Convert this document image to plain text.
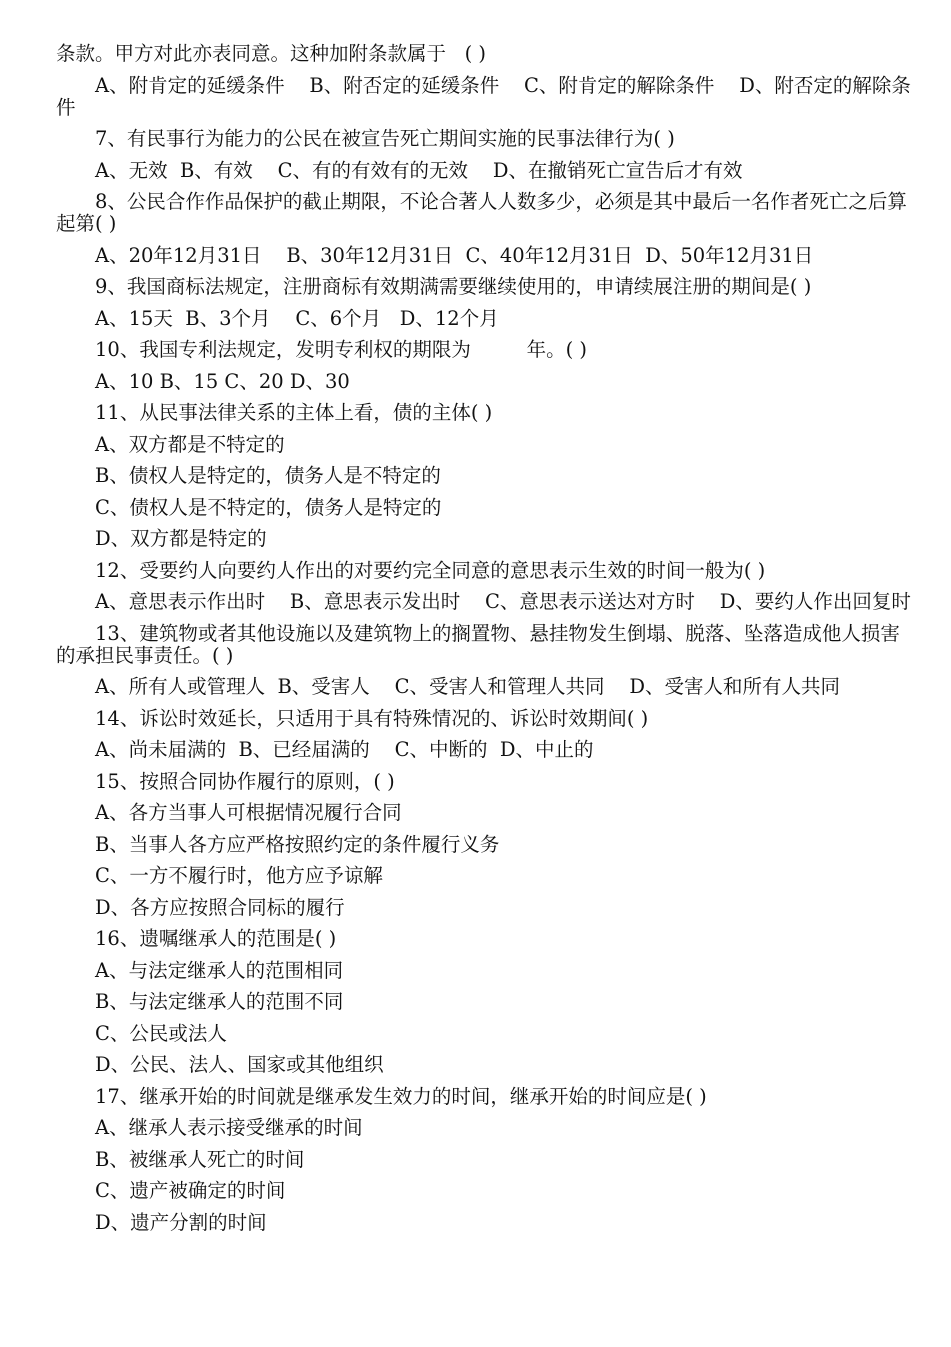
条款。甲方对此亦表同意。这种加附条款属于   ( )

A、附肯定的延缓条件    B、附否定的延缓条件    C、附肯定的解除条件    D、附否定的解除条件

7、有民事行为能力的公民在被宣告死亡期间实施的民事法律行为( )

A、无效  B、有效    C、有的有效有的无效    D、在撤销死亡宣告后才有效

8、公民合作作品保护的截止期限，不论合著人人数多少，必须是其中最后一名作者死亡之后算起第( )

A、20年12月31日    B、30年12月31日  C、40年12月31日  D、50年12月31日

9、我国商标法规定，注册商标有效期满需要继续使用的，申请续展注册的期间是( )

A、15天  B、3个月    C、6个月   D、12个月

10、我国专利法规定，发明专利权的期限为         年。( )

A、10 B、15 C、20 D、30

11、从民事法律关系的主体上看，债的主体( )

A、双方都是不特定的

B、债权人是特定的，债务人是不特定的

C、债权人是不特定的，债务人是特定的

D、双方都是特定的

12、受要约人向要约人作出的对要约完全同意的意思表示生效的时间一般为( )

A、意思表示作出时    B、意思表示发出时    C、意思表示送达对方时    D、要约人作出回复时

13、建筑物或者其他设施以及建筑物上的搁置物、悬挂物发生倒塌、脱落、坠落造成他人损害的承担民事责任。( )

A、所有人或管理人  B、受害人    C、受害人和管理人共同    D、受害人和所有人共同

14、诉讼时效延长，只适用于具有特殊情况的、诉讼时效期间( )

A、尚未届满的  B、已经届满的    C、中断的  D、中止的

15、按照合同协作履行的原则，( )

A、各方当事人可根据情况履行合同

B、当事人各方应严格按照约定的条件履行义务

C、一方不履行时，他方应予谅解

D、各方应按照合同标的履行

16、遗嘱继承人的范围是( )

A、与法定继承人的范围相同

B、与法定继承人的范围不同

C、公民或法人

D、公民、法人、国家或其他组织

17、继承开始的时间就是继承发生效力的时间，继承开始的时间应是( )

A、继承人表示接受继承的时间

B、被继承人死亡的时间

C、遗产被确定的时间

D、遗产分割的时间
